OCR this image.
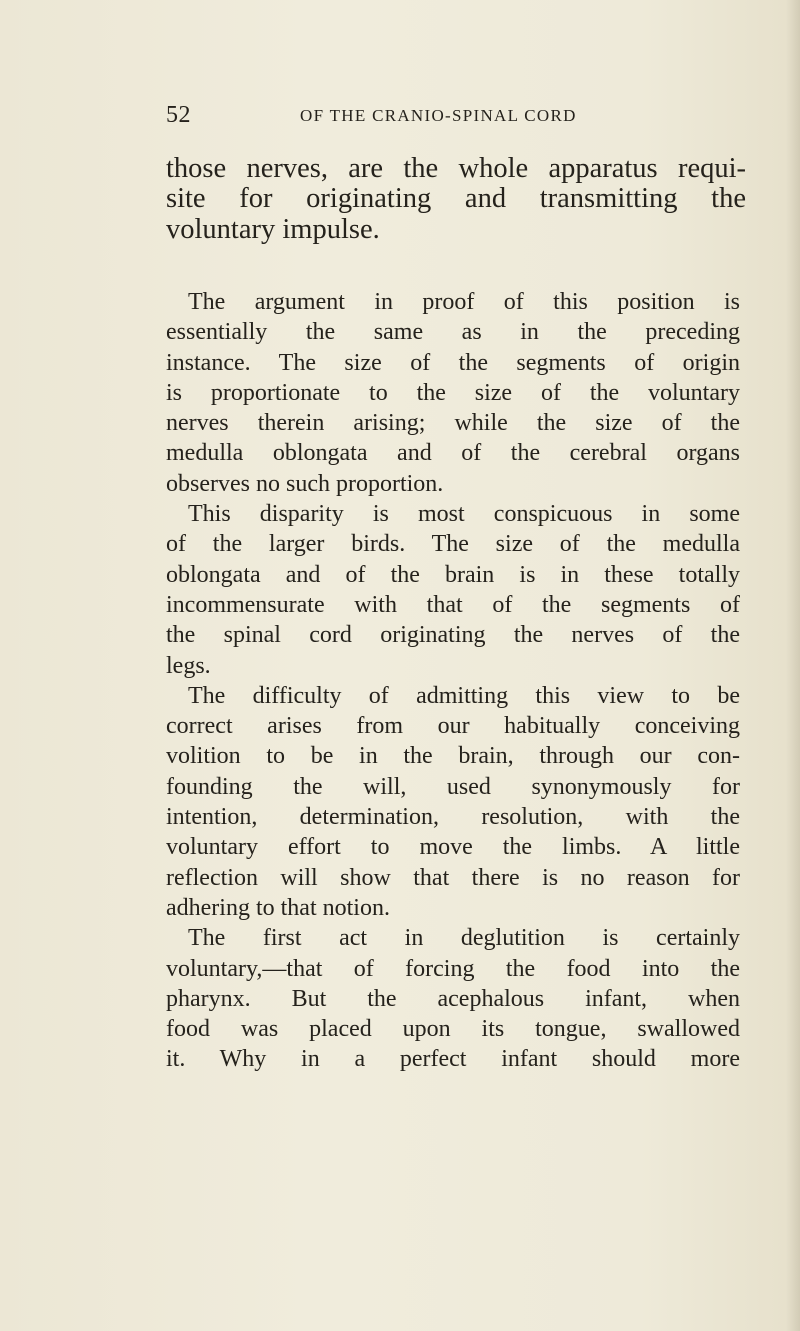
52	OF THE CRANIO-SPINAL CORD
those nerves, are the whole apparatus requi-
site for originating and transmitting the
voluntary impulse.
The argument in proof of this position is
essentially the same as in the preceding
instance. The size of the segments of origin
is proportionate to the size of the voluntary
nerves therein arising; while the size of the
medulla oblongata and of the cerebral organs
observes no such proportion.
This disparity is most conspicuous in some
of the larger birds. The size of the medulla
oblongata and of the brain is in these totally
incommensurate with that of the segments of
the spinal cord originating the nerves of the
legs.
The difficulty of admitting this view to be
correct arises from our habitually conceiving
volition to be in the brain, through our con-
founding the will, used synonymously for
intention, determination, resolution, with the
voluntary effort to move the limbs. A little
reflection will show that there is no reason for
adhering to that notion.
The first act in deglutition is certainly
voluntary,—that of forcing the food into the
pharynx. But the acephalous infant, when
food was placed upon its tongue, swallowed
it. Why in a perfect infant should more
